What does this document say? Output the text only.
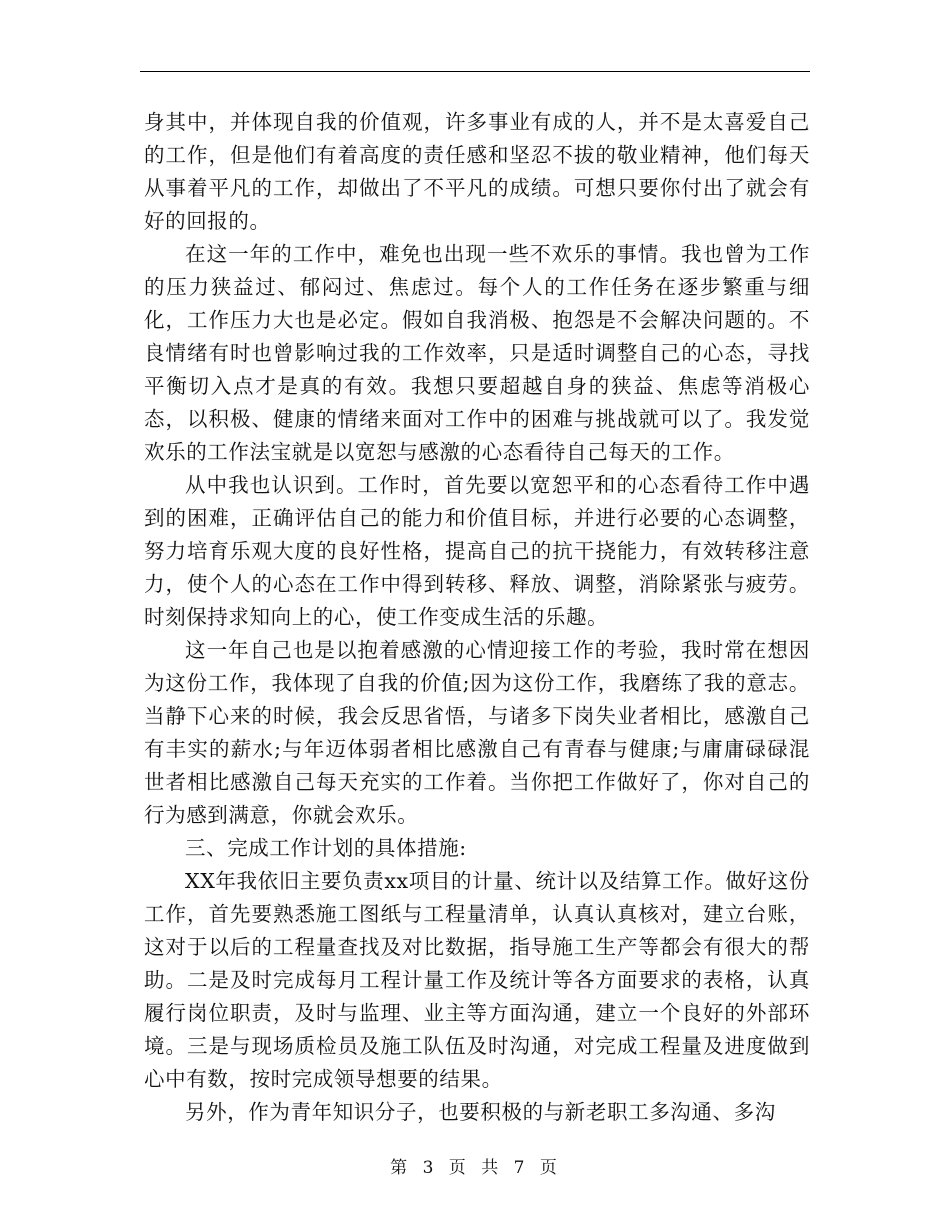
身其中，并体现自我的价值观，许多事业有成的人，并不是太喜爱自己的工作，但是他们有着高度的责任感和坚忍不拔的敬业精神，他们每天从事着平凡的工作，却做出了不平凡的成绩。可想只要你付出了就会有好的回报的。

在这一年的工作中，难免也出现一些不欢乐的事情。我也曾为工作的压力狭益过、郁闷过、焦虑过。每个人的工作任务在逐步繁重与细化，工作压力大也是必定。假如自我消极、抱怨是不会解决问题的。不良情绪有时也曾影响过我的工作效率，只是适时调整自己的心态，寻找平衡切入点才是真的有效。我想只要超越自身的狭益、焦虑等消极心态，以积极、健康的情绪来面对工作中的困难与挑战就可以了。我发觉欢乐的工作法宝就是以宽恕与感激的心态看待自己每天的工作。

从中我也认识到。工作时，首先要以宽恕平和的心态看待工作中遇到的困难，正确评估自己的能力和价值目标，并进行必要的心态调整，努力培育乐观大度的良好性格，提高自己的抗干挠能力，有效转移注意力，使个人的心态在工作中得到转移、释放、调整，消除紧张与疲劳。时刻保持求知向上的心，使工作变成生活的乐趣。

这一年自己也是以抱着感激的心情迎接工作的考验，我时常在想因为这份工作，我体现了自我的价值;因为这份工作，我磨练了我的意志。当静下心来的时候，我会反思省悟，与诸多下岗失业者相比，感激自己有丰实的薪水;与年迈体弱者相比感激自己有青春与健康;与庸庸碌碌混世者相比感激自己每天充实的工作着。当你把工作做好了，你对自己的行为感到满意，你就会欢乐。

三、完成工作计划的具体措施:

XX年我依旧主要负责xx项目的计量、统计以及结算工作。做好这份工作，首先要熟悉施工图纸与工程量清单，认真认真核对，建立台账，这对于以后的工程量查找及对比数据，指导施工生产等都会有很大的帮助。二是及时完成每月工程计量工作及统计等各方面要求的表格，认真履行岗位职责，及时与监理、业主等方面沟通，建立一个良好的外部环境。三是与现场质检员及施工队伍及时沟通，对完成工程量及进度做到心中有数，按时完成领导想要的结果。

另外，作为青年知识分子，也要积极的与新老职工多沟通、多沟

第 3 页 共 7 页
